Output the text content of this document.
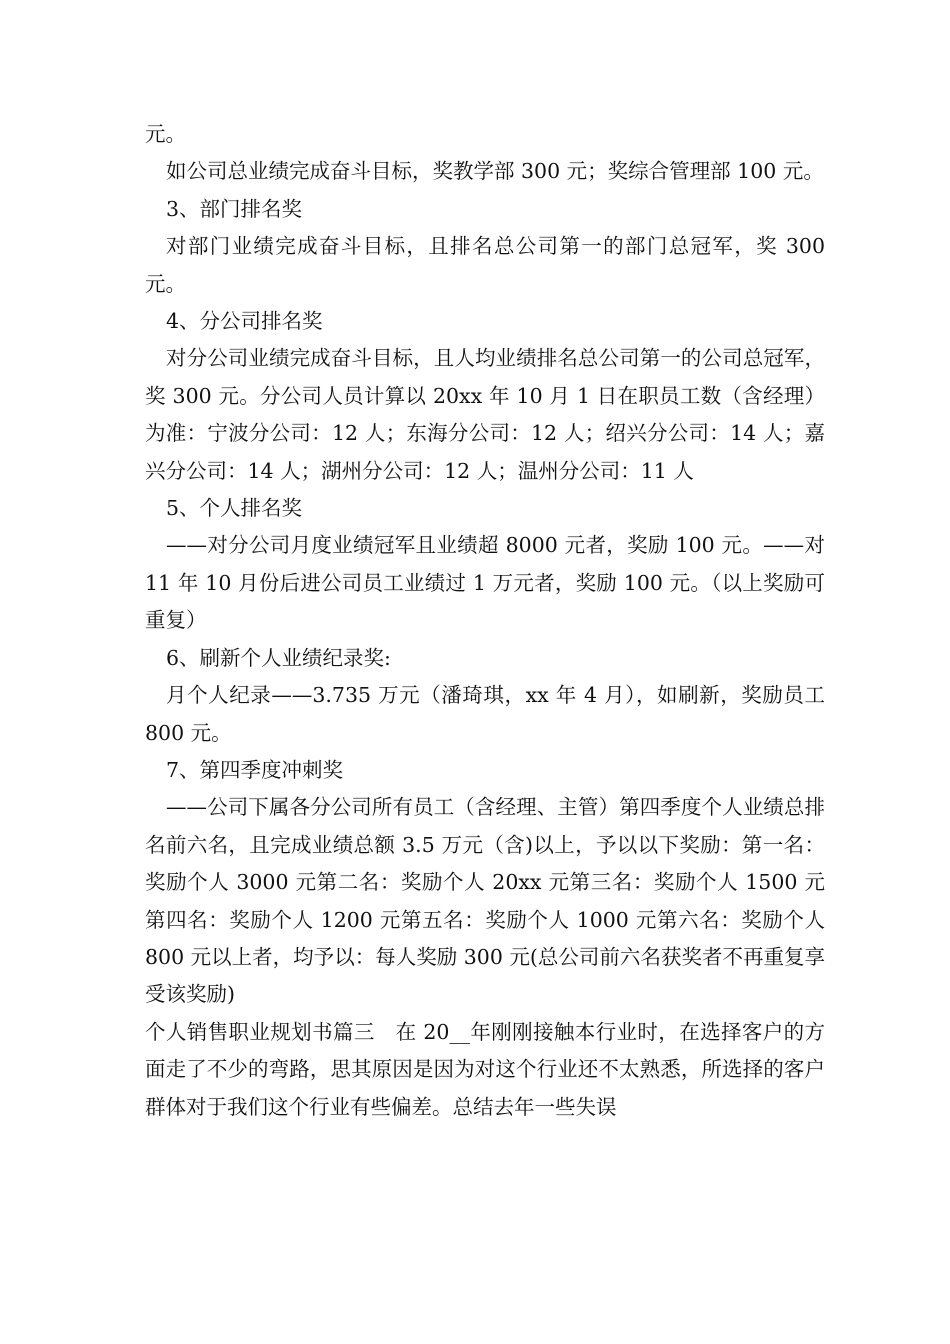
元。

如公司总业绩完成奋斗目标，奖教学部 300 元；奖综合管理部 100 元。

3、部门排名奖

对部门业绩完成奋斗目标，且排名总公司第一的部门总冠军，奖 300 元。

4、分公司排名奖

对分公司业绩完成奋斗目标，且人均业绩排名总公司第一的公司总冠军，奖 300 元。分公司人员计算以 20xx 年 10 月 1 日在职员工数（含经理）为准：宁波分公司：12 人；东海分公司：12 人；绍兴分公司：14 人；嘉兴分公司：14 人；湖州分公司：12 人；温州分公司：11 人

5、个人排名奖

——对分公司月度业绩冠军且业绩超 8000 元者，奖励 100 元。——对 11 年 10 月份后进公司员工业绩过 1 万元者，奖励 100 元。（以上奖励可重复）

6、刷新个人业绩纪录奖:

月个人纪录——3.735 万元（潘琦琪，xx 年 4 月），如刷新，奖励员工 800 元。

7、第四季度冲刺奖

——公司下属各分公司所有员工（含经理、主管）第四季度个人业绩总排名前六名，且完成业绩总额 3.5 万元（含)以上，予以以下奖励：第一名：奖励个人 3000 元第二名：奖励个人 20xx 元第三名：奖励个人 1500 元第四名：奖励个人 1200 元第五名：奖励个人 1000 元第六名：奖励个人 800 元以上者，均予以：每人奖励 300 元(总公司前六名获奖者不再重复享受该奖励)

个人销售职业规划书篇三　在 20__年刚刚接触本行业时，在选择客户的方面走了不少的弯路，思其原因是因为对这个行业还不太熟悉，所选择的客户群体对于我们这个行业有些偏差。总结去年一些失误
